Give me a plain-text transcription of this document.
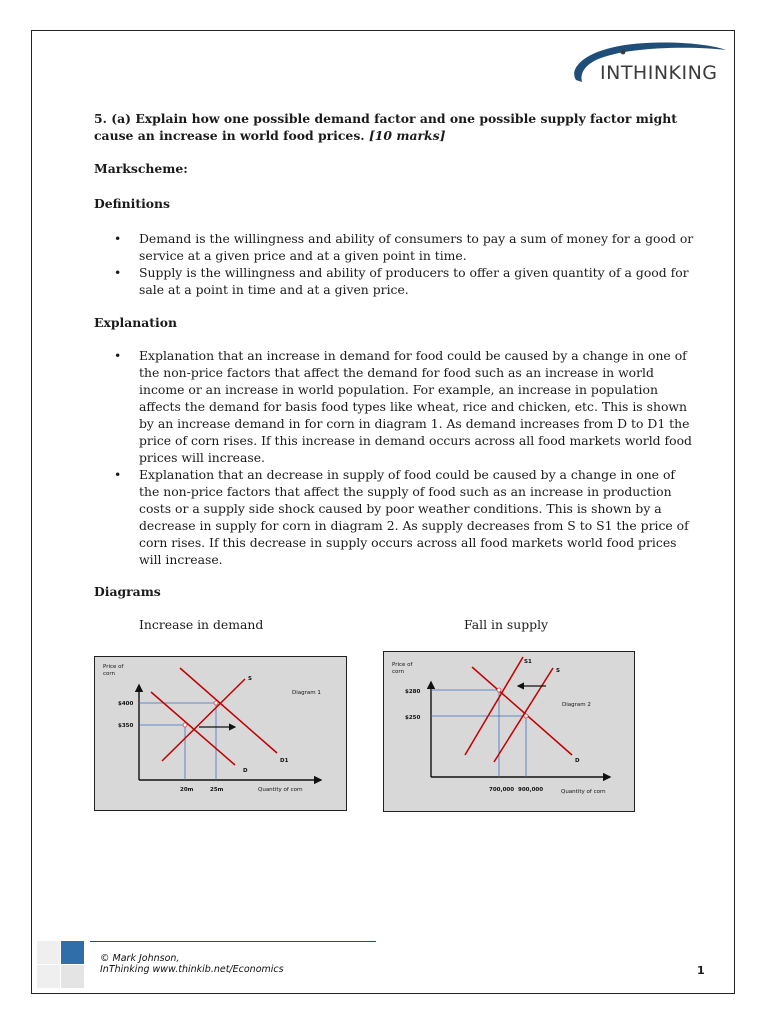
INTHINKING
5. (a) Explain how one possible demand factor and one possible supply factor might cause an increase in world food prices. [10 marks]
Markscheme:
Definitions
• Demand is the willingness and ability of consumers to pay a sum of money for a good or service at a given price and at a given point in time.
• Supply is the willingness and ability of producers to offer a given quantity of a good for sale at a point in time and at a given price.
Explanation
• Explanation that an increase in demand for food could be caused by a change in one of the non-price factors that affect the demand for food such as an increase in world income or an increase in world population. For example, an increase in population affects the demand for basis food types like wheat, rice and chicken, etc. This is shown by an increase demand in for corn in diagram 1. As demand increases from D to D1 the price of corn rises. If this increase in demand occurs across all food markets world food prices will increase.
• Explanation that an decrease in supply of food could be caused by a change in one of the non-price factors that affect the supply of food such as an increase in production costs or a supply side shock caused by poor weather conditions. This is shown by a decrease in supply for corn in diagram 2. As supply decreases from S to S1 the price of corn rises. If this decrease in supply occurs across all food markets world food prices will increase.
Diagrams
Increase in demand	Fall in supply
Price of
corn
S
D
D1
Diagram 1
$400
$350
20m	25m	Quantity of corn
Price of
corn
S1
S
D
Diagram 2
$280
$250
700,000 900,000	Quantity of corn
© Mark Johnson,
InThinking www.thinkib.net/Economics	1
